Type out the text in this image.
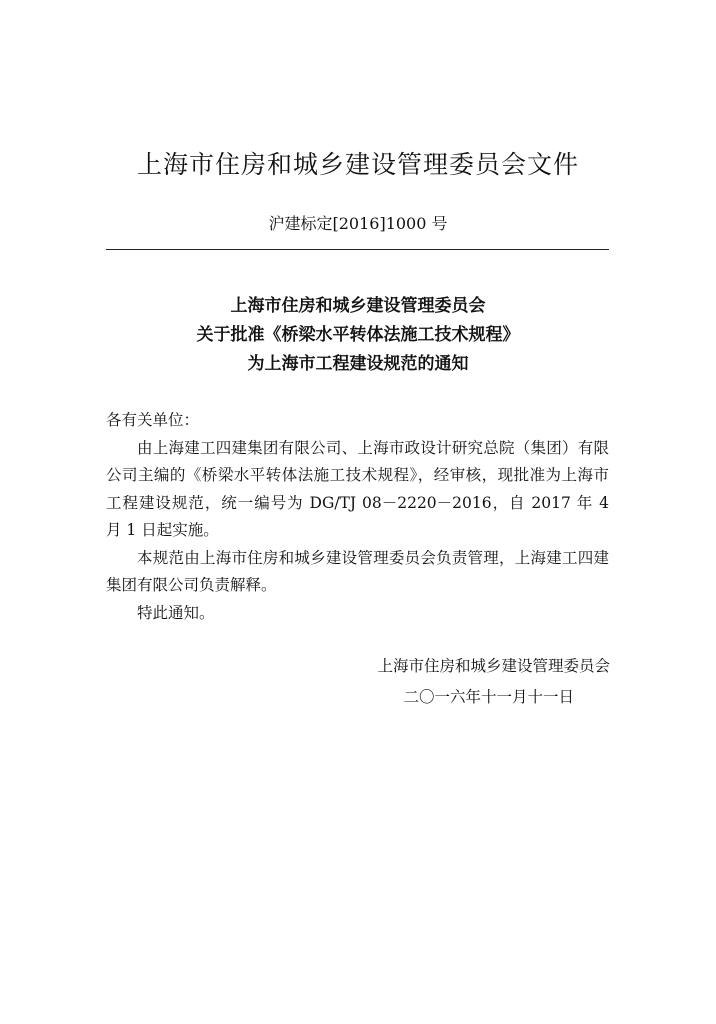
上海市住房和城乡建设管理委员会文件
沪建标定[2016]1000 号
上海市住房和城乡建设管理委员会
关于批准《桥梁水平转体法施工技术规程》
为上海市工程建设规范的通知
各有关单位：
由上海建工四建集团有限公司、上海市政设计研究总院（集团）有限公司主编的《桥梁水平转体法施工技术规程》，经审核，现批准为上海市工程建设规范，统一编号为 DG/TJ 08－2220－2016，自 2017 年 4 月 1 日起实施。
本规范由上海市住房和城乡建设管理委员会负责管理，上海建工四建集团有限公司负责解释。
特此通知。
上海市住房和城乡建设管理委员会
二〇一六年十一月十一日
